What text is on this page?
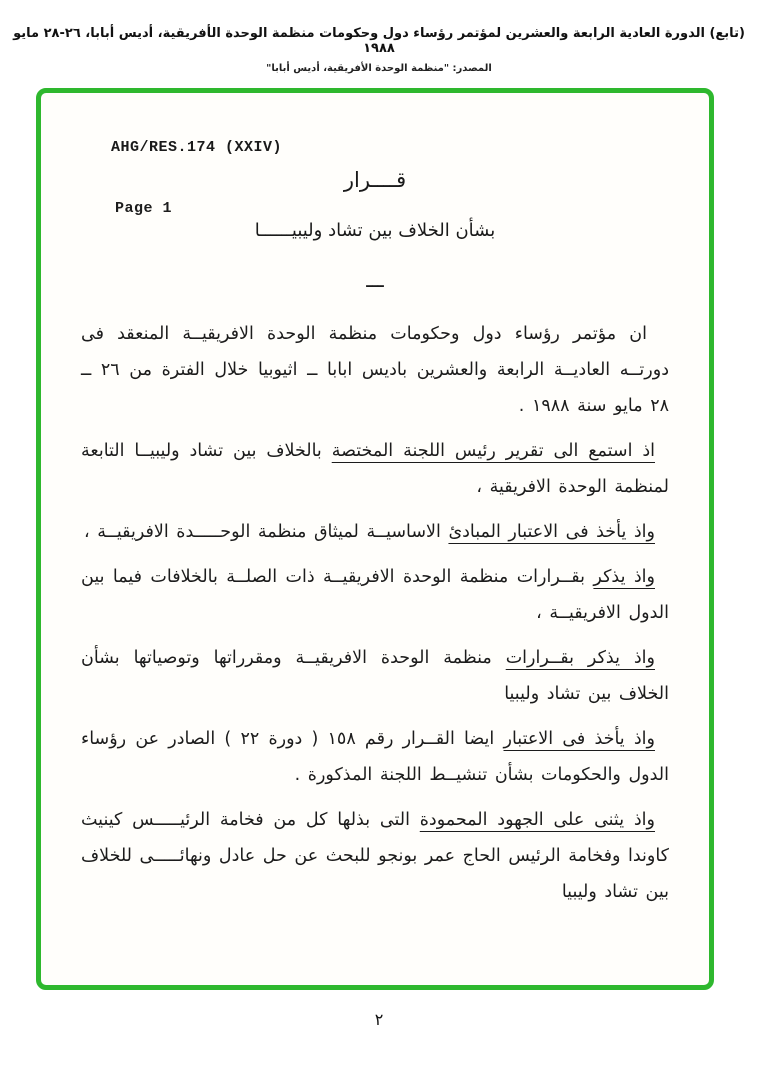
(تابع) الدورة العادية الرابعة والعشرين لمؤتمر رؤساء دول وحكومات منظمة الوحدة الأفريقية، أديس أبابا، ٢٦-٢٨ مايو ١٩٨٨
المصدر: "منظمة الوحدة الأفريقية، أديس أبابا"
AHG/RES.174 (XXIV)
قــــرار
Page 1
بشأن الخلاف بين تشاد وليبيــــــا
ـــ
ان مؤتمر رؤساء دول وحكومات منظمة الوحدة الافريقيــة المنعقد فى دورتــه العاديــة الرابعة والعشرين باديس ابابا ــ اثيوبيا خلال الفترة من ٢٦ ــ ٢٨ مايو سنة ١٩٨٨ .
اذ استمع الى تقرير رئيس اللجنة المختصة بالخلاف بين تشاد وليبيــا التابعة لمنظمة الوحدة الافريقية ،
واذ يأخذ فى الاعتبار المبادئ الاساسيــة لميثاق منظمة الوحـــــدة الافريقيــة ،
واذ يذكر بقــرارات منظمة الوحدة الافريقيــة ذات الصلــة بالخلافات فيما بين الدول الافريقيــة ،
واذ يذكر بقــرارات منظمة الوحدة الافريقيــة ومقرراتها وتوصياتها بشأن الخلاف بين تشاد وليبيا
واذ يأخذ فى الاعتبار ايضا القــرار رقم ١٥٨ ( دورة ٢٢ ) الصادر عن رؤساء الدول والحكومات بشأن تنشيــط اللجنة المذكورة .
واذ يثنى على الجهود المحمودة التى بذلها كل من فخامة الرئيـــــس كينيث كاوندا وفخامة الرئيس الحاج عمر بونجو للبحث عن حل عادل ونهائـــــى للخلاف بين تشاد وليبيا
٢
